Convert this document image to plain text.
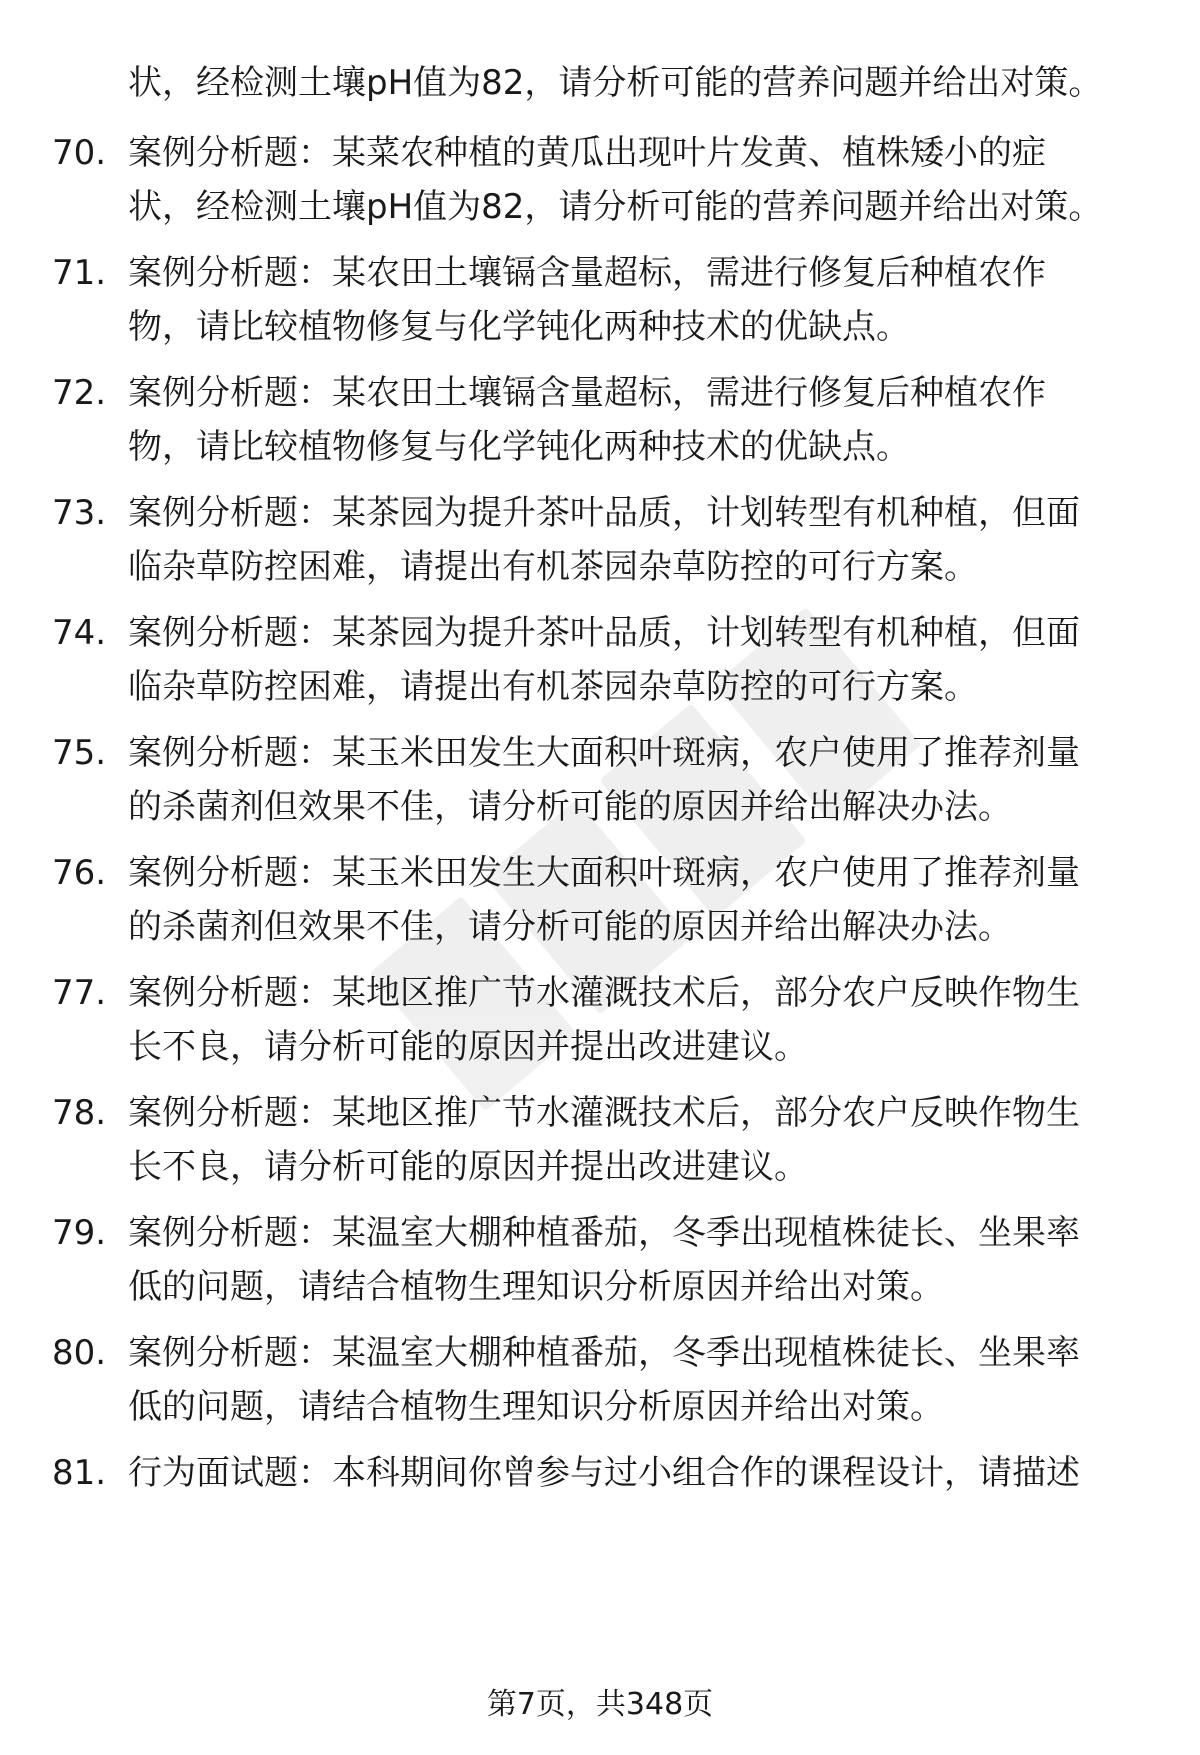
状，经检测土壤pH值为82，请分析可能的营养问题并给出对策。
70. 案例分析题：某菜农种植的黄瓜出现叶片发黄、植株矮小的症
状，经检测土壤pH值为82，请分析可能的营养问题并给出对策。
71. 案例分析题：某农田土壤镉含量超标，需进行修复后种植农作
物，请比较植物修复与化学钝化两种技术的优缺点。
72. 案例分析题：某农田土壤镉含量超标，需进行修复后种植农作
物，请比较植物修复与化学钝化两种技术的优缺点。
73. 案例分析题：某茶园为提升茶叶品质，计划转型有机种植，但面
临杂草防控困难，请提出有机茶园杂草防控的可行方案。
74. 案例分析题：某茶园为提升茶叶品质，计划转型有机种植，但面
临杂草防控困难，请提出有机茶园杂草防控的可行方案。
75. 案例分析题：某玉米田发生大面积叶斑病，农户使用了推荐剂量
的杀菌剂但效果不佳，请分析可能的原因并给出解决办法。
76. 案例分析题：某玉米田发生大面积叶斑病，农户使用了推荐剂量
的杀菌剂但效果不佳，请分析可能的原因并给出解决办法。
77. 案例分析题：某地区推广节水灌溉技术后，部分农户反映作物生
长不良，请分析可能的原因并提出改进建议。
78. 案例分析题：某地区推广节水灌溉技术后，部分农户反映作物生
长不良，请分析可能的原因并提出改进建议。
79. 案例分析题：某温室大棚种植番茄，冬季出现植株徒长、坐果率
低的问题，请结合植物生理知识分析原因并给出对策。
80. 案例分析题：某温室大棚种植番茄，冬季出现植株徒长、坐果率
低的问题，请结合植物生理知识分析原因并给出对策。
81. 行为面试题：本科期间你曾参与过小组合作的课程设计，请描述
第7页，共348页
